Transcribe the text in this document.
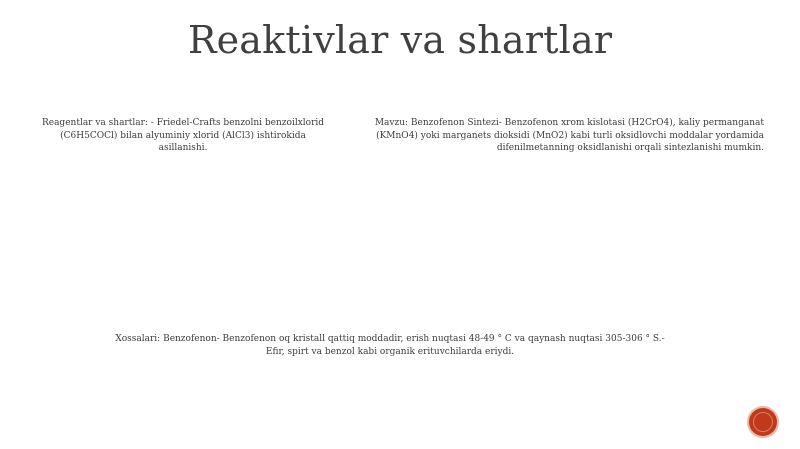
Reaktivlar va shartlar
Reagentlar va shartlar: - Friedel-Crafts benzolni benzoilxlorid (C6H5COCl) bilan alyuminiy xlorid (AlCl3) ishtirokida asillanishi.
Mavzu: Benzofenon Sintezi- Benzofenon xrom kislotasi (H2CrO4), kaliy permanganat (KMnO4) yoki marganets dioksidi (MnO2) kabi turli oksidlovchi moddalar yordamida difenilmetanning oksidlanishi orqali sintezlanishi mumkin.
Xossalari: Benzofenon- Benzofenon oq kristall qattiq moddadir, erish nuqtasi 48-49 ° C va qaynash nuqtasi 305-306 ° S.- Efir, spirt va benzol kabi organik erituvchilarda eriydi.
